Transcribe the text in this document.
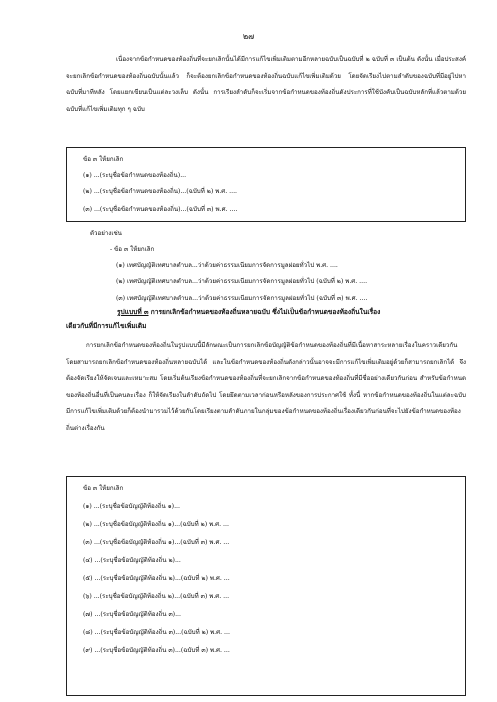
๒๗
เนื่องจากข้อกำหนดของท้องถิ่นที่จะยกเลิกนั้นได้มีการแก้ไขเพิ่มเติมตามอีกหลายฉบับเป็นฉบับที่ ๒ ฉบับที่ ๓ เป็นต้น ดังนั้น เมื่อประสงค์จะยกเลิกข้อกำหนดของท้องถิ่นฉบับนั้นแล้ว ก็จะต้องยกเลิกข้อกำหนดของท้องถิ่นฉบับแก้ไขเพิ่มเติมด้วย โดยจัดเรียงไปตามลำดับของฉบับที่มีอยู่ไปหาฉบับที่มาทีหลัง โดยแยกเขียนเป็นแต่ละวงเล็บ ดังนั้น การเรียงลำดับก็จะเริ่มจากข้อกำหนดของท้องถิ่นดังประการที่ใช้บังคับเป็นฉบับหลักที่แล้วตามด้วยฉบับที่แก้ไขเพิ่มเติมทุก ๆ ฉบับ
ข้อ ๓ ให้ยกเลิก
(๑) ...(ระบุชื่อข้อกำหนดของท้องถิ่น)...
(๒) ...(ระบุชื่อข้อกำหนดของท้องถิ่น)...(ฉบับที่ ๒) พ.ศ. ....
(๓) ...(ระบุชื่อข้อกำหนดของท้องถิ่น)...(ฉบับที่ ๓) พ.ศ. ....
ตัวอย่างเช่น
- ข้อ ๓ ให้ยกเลิก
(๑) เทศบัญญัติเทศบาลตำบล...ว่าด้วยค่าธรรมเนียมการจัดการมูลฝอยทั่วไป พ.ศ. ....
(๒) เทศบัญญัติเทศบาลตำบล...ว่าด้วยค่าธรรมเนียมการจัดการมูลฝอยทั่วไป (ฉบับที่ ๒) พ.ศ. ....
(๓) เทศบัญญัติเทศบาลตำบล...ว่าด้วยค่าธรรมเนียมการจัดการมูลฝอยทั่วไป (ฉบับที่ ๓) พ.ศ. ....
รูปแบบที่ ๓ การยกเลิกข้อกำหนดของท้องถิ่นหลายฉบับ ซึ่งไม่เป็นข้อกำหนดของท้องถิ่นในเรื่อง
เดียวกันที่มีการแก้ไขเพิ่มเติม
การยกเลิกข้อกำหนดของท้องถิ่นในรูปแบบนี้มีลักษณะเป็นการยกเลิกข้อบัญญัติข้อกำหนดของท้องถิ่นที่มีเนื้อหาสาระหลายเรื่องในคราวเดียวกันโดยสามารถยกเลิกข้อกำหนดของท้องถิ่นหลายฉบับได้ และในข้อกำหนดของท้องถิ่นดังกล่าวนั้นอาจจะมีการแก้ไขเพิ่มเติมอยู่ด้วยก็สามารถยกเลิกได้ จึงต้องจัดเรียงให้จัดเจนและเหมาะสม โดยเริ่มต้นเรียงข้อกำหนดของท้องถิ่นที่จะยกเลิกจากข้อกำหนดของท้องถิ่นที่มีชื่ออย่างเดียวกันก่อน สำหรับข้อกำหนดของท้องถิ่นอื่นที่เป็นคนละเรื่อง ก็ให้จัดเรียงในลำดับถัดไป โดยยึดตามเวลาก่อนหรือหลังของการประกาศใช้ ทั้งนี้ หากข้อกำหนดของท้องถิ่นในแต่ละฉบับมีการแก้ไขเพิ่มเติมด้วยก็ต้องนำมารวมไว้ด้วยกันโดยเรียงตามลำดับภายในกลุ่มของข้อกำหนดของท้องถิ่นเรื่องเดียวกันก่อนที่จะไปยังข้อกำหนดของท้องถิ่นต่างเรื่องกัน
ข้อ ๓ ให้ยกเลิก
(๑) ...(ระบุชื่อข้อบัญญัติท้องถิ่น ๑)...
(๒) ...(ระบุชื่อข้อบัญญัติท้องถิ่น ๑)...(ฉบับที่ ๒) พ.ศ. ...
(๓) ...(ระบุชื่อข้อบัญญัติท้องถิ่น ๑)...(ฉบับที่ ๓) พ.ศ. ...
(๔) ...(ระบุชื่อข้อบัญญัติท้องถิ่น ๒)...
(๕) ...(ระบุชื่อข้อบัญญัติท้องถิ่น ๒)...(ฉบับที่ ๒) พ.ศ. ...
(๖) ...(ระบุชื่อข้อบัญญัติท้องถิ่น ๒)...(ฉบับที่ ๓) พ.ศ. ...
(๗) ...(ระบุชื่อข้อบัญญัติท้องถิ่น ๓)...
(๘) ...(ระบุชื่อข้อบัญญัติท้องถิ่น ๓)...(ฉบับที่ ๒) พ.ศ. ...
(๙) ...(ระบุชื่อข้อบัญญัติท้องถิ่น ๓)...(ฉบับที่ ๓) พ.ศ. ...
